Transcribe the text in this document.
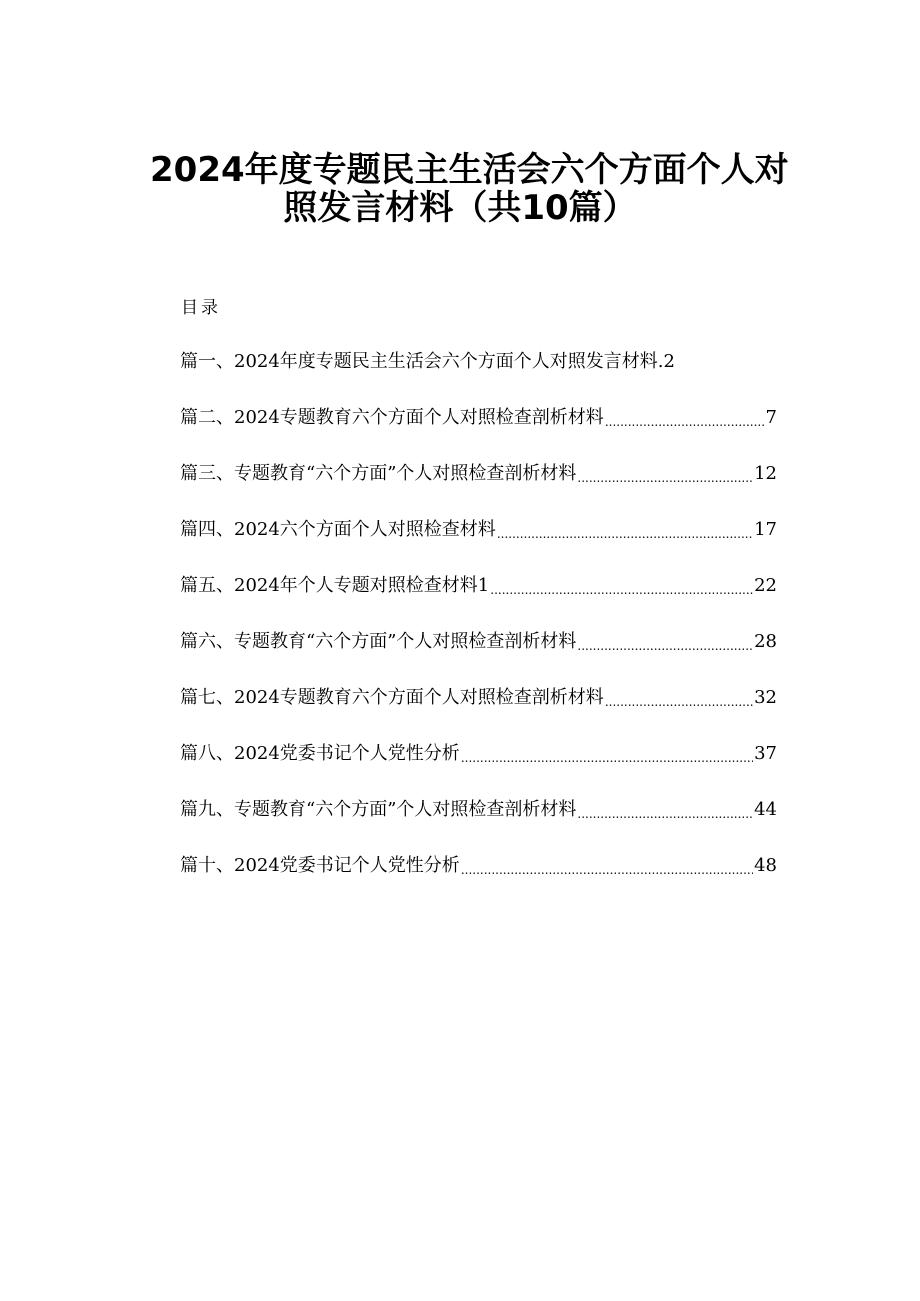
2024年度专题民主生活会六个方面个人对
照发言材料（共10篇）
目录
篇一、2024年度专题民主生活会六个方面个人对照发言材料. 2
篇二、2024专题教育六个方面个人对照检查剖析材料 .....	7
篇三、专题教育“六个方面”个人对照检查剖析材料 .....	12
篇四、2024六个方面个人对照检查材料 .....	17
篇五、2024年个人专题对照检查材料1 .....	22
篇六、专题教育“六个方面”个人对照检查剖析材料 .....	28
篇七、2024专题教育六个方面个人对照检查剖析材料 .....	32
篇八、2024党委书记个人党性分析 .....	37
篇九、专题教育“六个方面”个人对照检查剖析材料 .....	44
篇十、2024党委书记个人党性分析 .....	48
